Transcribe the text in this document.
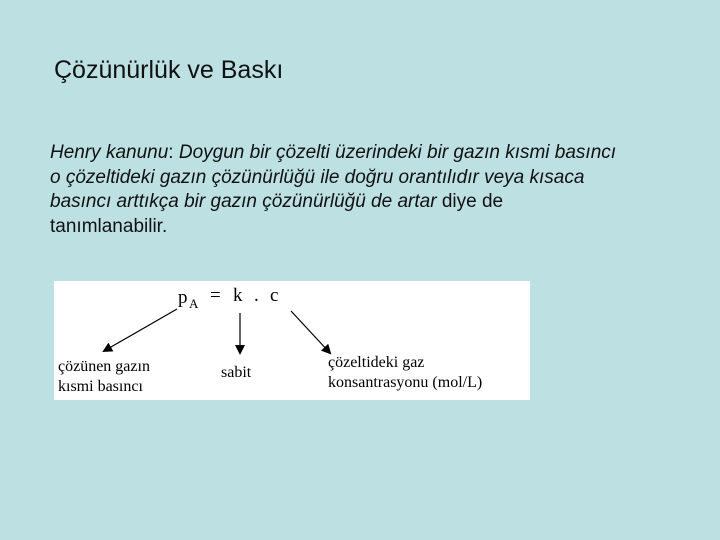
Çözünürlük ve Baskı
Henry kanunu: Doygun bir çözelti üzerindeki bir gazın kısmi basıncı o çözeltideki gazın çözünürlüğü ile doğru orantılıdır veya kısaca basıncı arttıkça bir gazın çözünürlüğü de artar diye de tanımlanabilir.
p A = k . c
çözünen gazın
kısmi basıncı
sabit
çözeltideki gaz
konsantrasyonu (mol/L)
